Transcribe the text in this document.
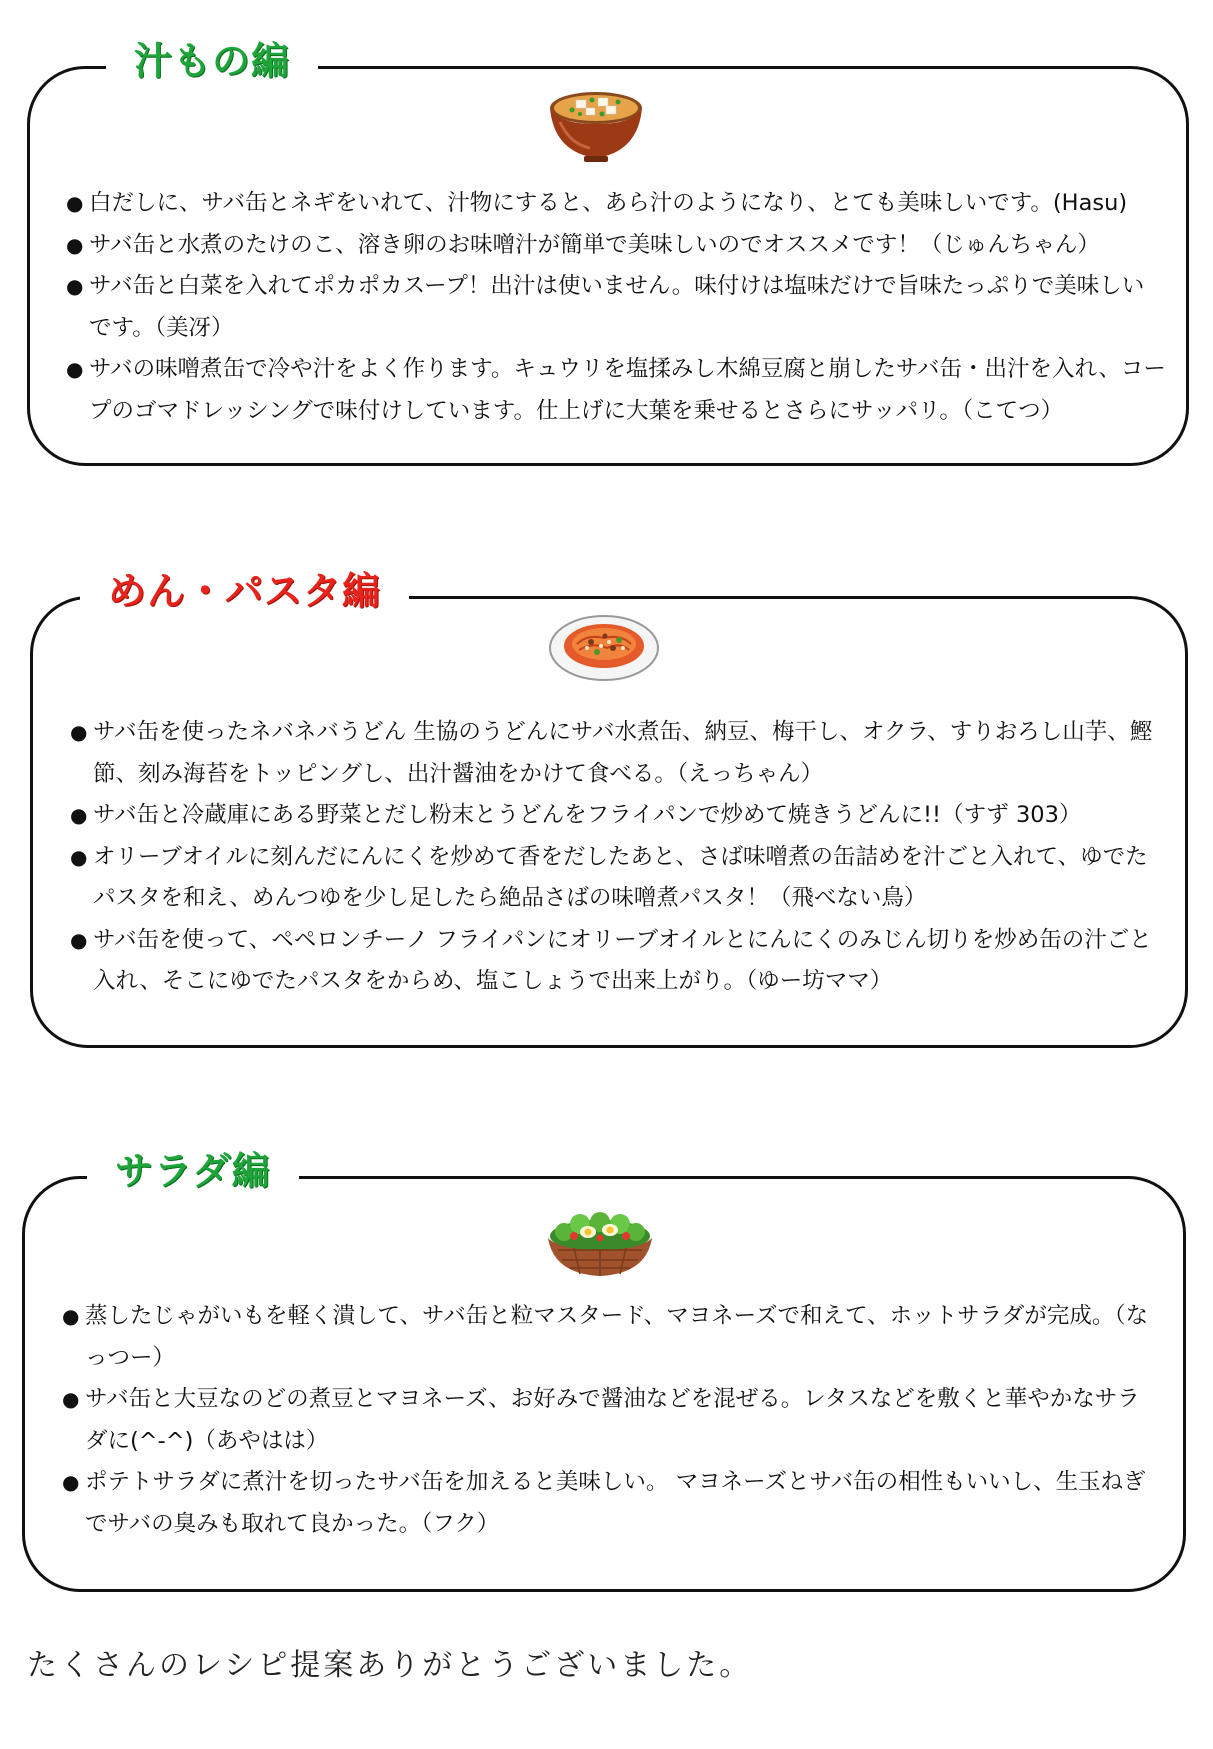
汁もの編
● 白だしに、サバ缶とネギをいれて、汁物にすると、あら汁のようになり、とても美味しいです。(Hasu)
● サバ缶と水煮のたけのこ、溶き卵のお味噌汁が簡単で美味しいのでオススメです！（じゅんちゃん）
● サバ缶と白菜を入れてポカポカスープ！出汁は使いません。味付けは塩味だけで旨味たっぷりで美味しいです。（美冴）
● サバの味噌煮缶で冷や汁をよく作ります。キュウリを塩揉みし木綿豆腐と崩したサバ缶・出汁を入れ、コープのゴマドレッシングで味付けしています。仕上げに大葉を乗せるとさらにサッパリ。（こてつ）
めん・パスタ編
● サバ缶を使ったネバネバうどん 生協のうどんにサバ水煮缶、納豆、梅干し、オクラ、すりおろし山芋、鰹節、刻み海苔をトッピングし、出汁醤油をかけて食べる。（えっちゃん）
● サバ缶と冷蔵庫にある野菜とだし粉末とうどんをフライパンで炒めて焼きうどんに!!（すず 303）
● オリーブオイルに刻んだにんにくを炒めて香をだしたあと、さば味噌煮の缶詰めを汁ごと入れて、ゆでたパスタを和え、めんつゆを少し足したら絶品さばの味噌煮パスタ！（飛べない鳥）
● サバ缶を使って、ペペロンチーノ フライパンにオリーブオイルとにんにくのみじん切りを炒め缶の汁ごと入れ、そこにゆでたパスタをからめ、塩こしょうで出来上がり。（ゆー坊ママ）
サラダ編
● 蒸したじゃがいもを軽く潰して、サバ缶と粒マスタード、マヨネーズで和えて、ホットサラダが完成。（なっつー）
● サバ缶と大豆なのどの煮豆とマヨネーズ、お好みで醤油などを混ぜる。レタスなどを敷くと華やかなサラダに(^-^)（あやはは）
● ポテトサラダに煮汁を切ったサバ缶を加えると美味しい。 マヨネーズとサバ缶の相性もいいし、生玉ねぎでサバの臭みも取れて良かった。（フク）
たくさんのレシピ提案ありがとうございました。
